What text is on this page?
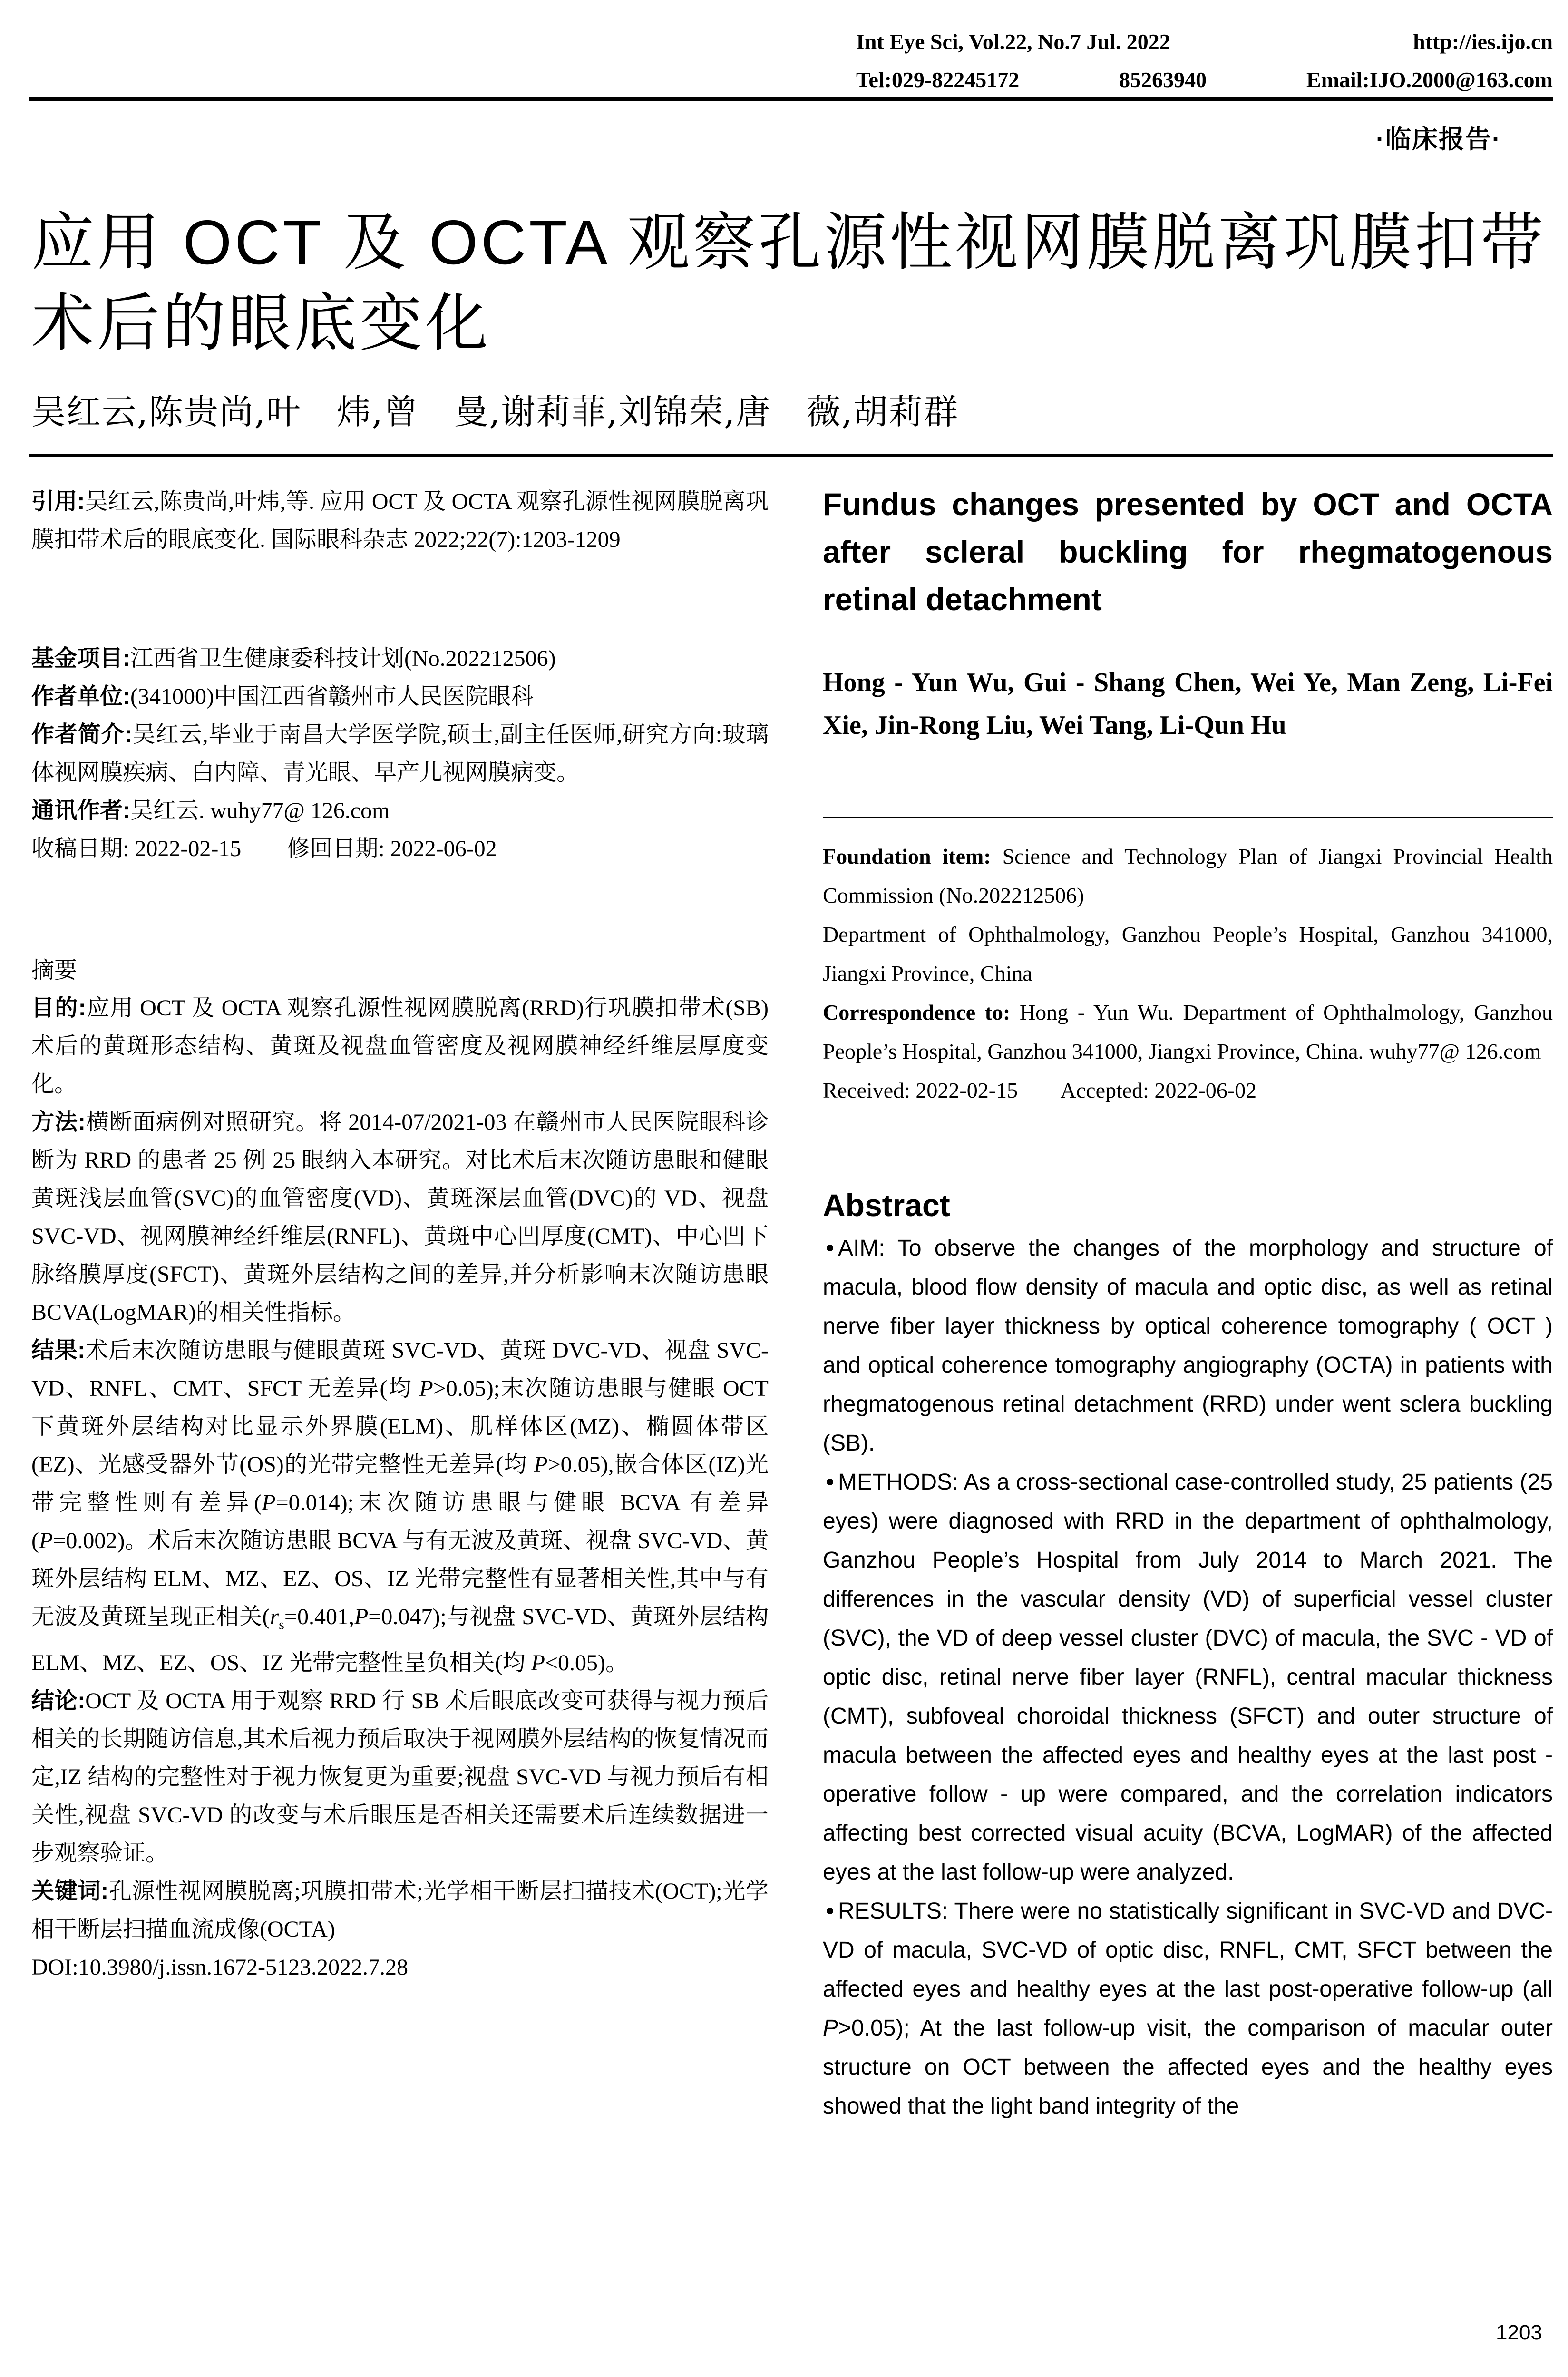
Int Eye Sci, Vol.22, No.7 Jul. 2022	http://ies.ijo.cn
Tel:029-82245172	85263940	Email:IJO.2000@163.com
·临床报告·
应用 OCT 及 OCTA 观察孔源性视网膜脱离巩膜扣带术后的眼底变化
吴红云,陈贵尚,叶　炜,曾　曼,谢莉菲,刘锦荣,唐　薇,胡莉群

引用:吴红云,陈贵尚,叶炜,等. 应用 OCT 及 OCTA 观察孔源性视网膜脱离巩膜扣带术后的眼底变化. 国际眼科杂志 2022;22(7):1203-1209

基金项目:江西省卫生健康委科技计划(No.202212506)

作者单位:(341000)中国江西省赣州市人民医院眼科

作者简介:吴红云,毕业于南昌大学医学院,硕士,副主任医师,研究方向:玻璃体视网膜疾病、白内障、青光眼、早产儿视网膜病变。

通讯作者:吴红云. wuhy77@ 126.com

收稿日期: 2022-02-15 修回日期: 2022-06-02

摘要

目的:应用 OCT 及 OCTA 观察孔源性视网膜脱离(RRD)行巩膜扣带术(SB)术后的黄斑形态结构、黄斑及视盘血管密度及视网膜神经纤维层厚度变化。

方法:横断面病例对照研究。将 2014-07/2021-03 在赣州市人民医院眼科诊断为 RRD 的患者 25 例 25 眼纳入本研究。对比术后末次随访患眼和健眼黄斑浅层血管(SVC)的血管密度(VD)、黄斑深层血管(DVC)的 VD、视盘 SVC-VD、视网膜神经纤维层(RNFL)、黄斑中心凹厚度(CMT)、中心凹下脉络膜厚度(SFCT)、黄斑外层结构之间的差异,并分析影响末次随访患眼 BCVA(LogMAR)的相关性指标。

结果:术后末次随访患眼与健眼黄斑 SVC-VD、黄斑 DVC-VD、视盘 SVC-VD、RNFL、CMT、SFCT 无差异(均 P>0.05);末次随访患眼与健眼 OCT 下黄斑外层结构对比显示外界膜(ELM)、肌样体区(MZ)、椭圆体带区(EZ)、光感受器外节(OS)的光带完整性无差异(均 P>0.05),嵌合体区(IZ)光带完整性则有差异(P=0.014);末次随访患眼与健眼 BCVA 有差异(P=0.002)。术后末次随访患眼 BCVA 与有无波及黄斑、视盘 SVC-VD、黄斑外层结构 ELM、MZ、EZ、OS、IZ 光带完整性有显著相关性,其中与有无波及黄斑呈现正相关$(r_s=0.401,P=0.047)$;与视盘 SVC-VD、黄斑外层结构 ELM、MZ、EZ、OS、IZ 光带完整性呈负相关(均 P<0.05)。

结论:OCT 及 OCTA 用于观察 RRD 行 SB 术后眼底改变可获得与视力预后相关的长期随访信息,其术后视力预后取决于视网膜外层结构的恢复情况而定,IZ 结构的完整性对于视力恢复更为重要;视盘 SVC-VD 与视力预后有相关性,视盘 SVC-VD 的改变与术后眼压是否相关还需要术后连续数据进一步观察验证。

关键词:孔源性视网膜脱离;巩膜扣带术;光学相干断层扫描技术(OCT);光学相干断层扫描血流成像(OCTA)

DOI:10.3980/j.issn.1672-5123.2022.7.28

Fundus changes presented by OCT and OCTA after scleral buckling for rhegmatogenous retinal detachment
Hong - Yun Wu, Gui - Shang Chen, Wei Ye, Man Zeng, Li-Fei Xie, Jin-Rong Liu, Wei Tang, Li-Qun Hu

Foundation item: Science and Technology Plan of Jiangxi Provincial Health Commission (No.202212506)

Department of Ophthalmology, Ganzhou People’s Hospital, Ganzhou 341000, Jiangxi Province, China

Correspondence to: Hong - Yun Wu. Department of Ophthalmology, Ganzhou People’s Hospital, Ganzhou 341000, Jiangxi Province, China. wuhy77@ 126.com

Received: 2022-02-15 Accepted: 2022-06-02

Abstract

AIM: To observe the changes of the morphology and structure of macula, blood flow density of macula and optic disc, as well as retinal nerve fiber layer thickness by optical coherence tomography ( OCT ) and optical coherence tomography angiography (OCTA) in patients with rhegmatogenous retinal detachment (RRD) under went sclera buckling (SB).

METHODS: As a cross-sectional case-controlled study, 25 patients (25 eyes) were diagnosed with RRD in the department of ophthalmology, Ganzhou People’s Hospital from July 2014 to March 2021. The differences in the vascular density (VD) of superficial vessel cluster (SVC), the VD of deep vessel cluster (DVC) of macula, the SVC - VD of optic disc, retinal nerve fiber layer (RNFL), central macular thickness (CMT), subfoveal choroidal thickness (SFCT) and outer structure of macula between the affected eyes and healthy eyes at the last post - operative follow - up were compared, and the correlation indicators affecting best corrected visual acuity (BCVA, LogMAR) of the affected eyes at the last follow-up were analyzed.

RESULTS: There were no statistically significant in SVC-VD and DVC-VD of macula, SVC-VD of optic disc, RNFL, CMT, SFCT between the affected eyes and healthy eyes at the last post-operative follow-up (all P>0.05); At the last follow-up visit, the comparison of macular outer structure on OCT between the affected eyes and the healthy eyes showed that the light band integrity of the

1203
